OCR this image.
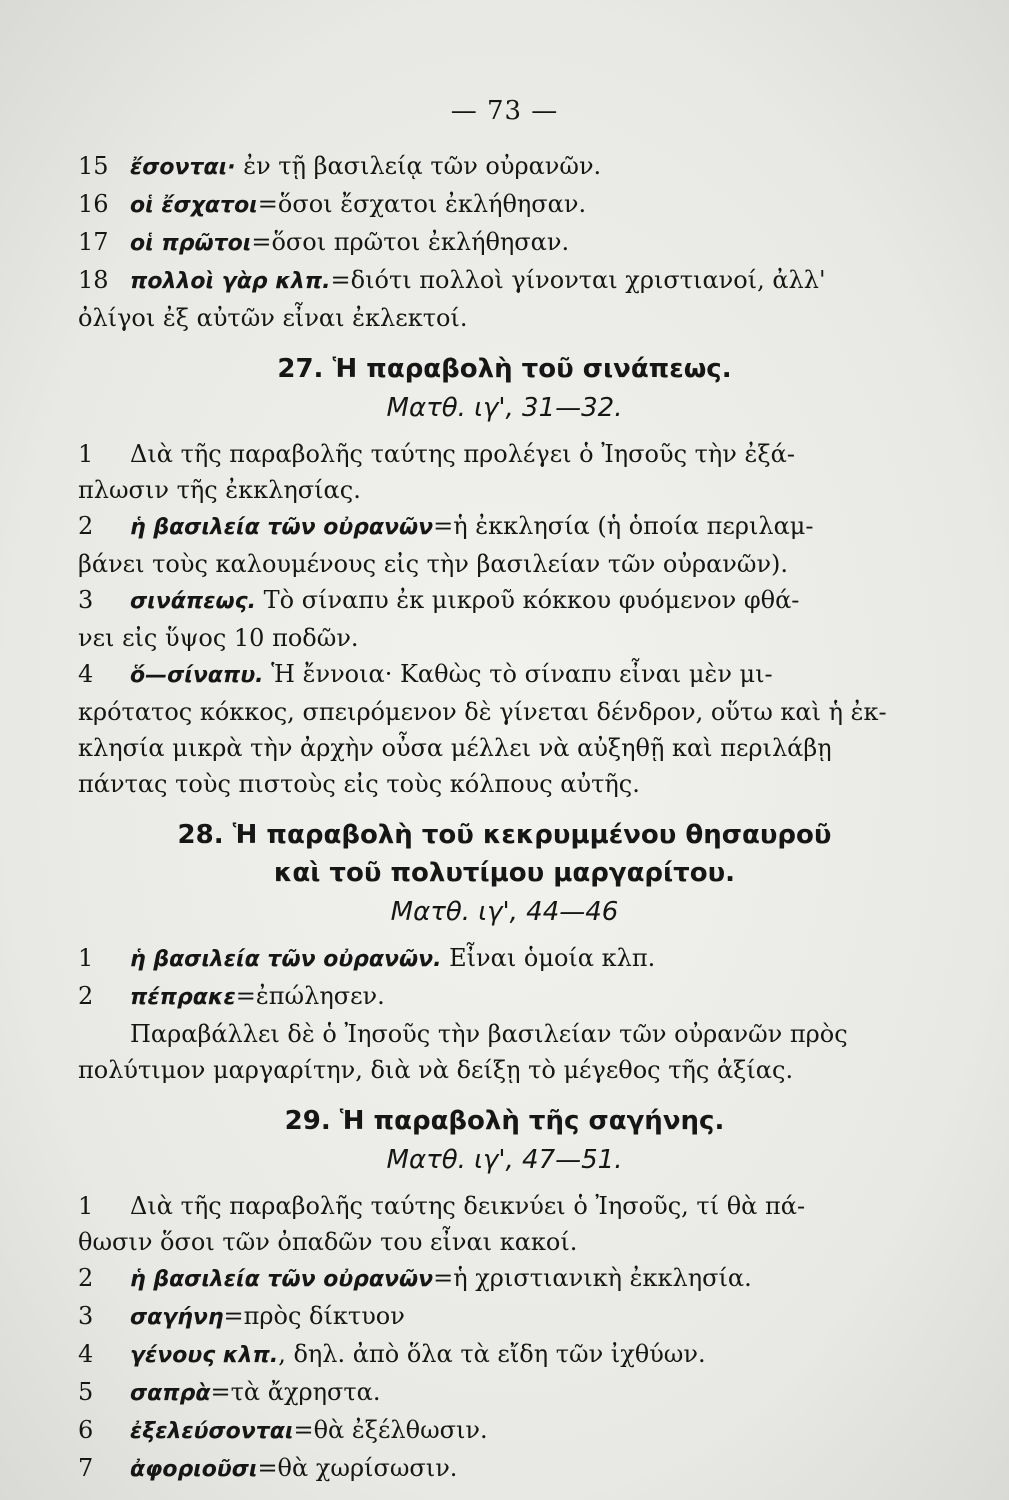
— 73 —
15 ἔσονται· ἐν τῇ βασιλείᾳ τῶν οὐρανῶν.
16 οἱ ἔσχατοι=ὅσοι ἔσχατοι ἐκλήθησαν.
17 οἱ πρῶτοι=ὅσοι πρῶτοι ἐκλήθησαν.
18 πολλοὶ γὰρ κλπ.=διότι πολλοὶ γίνονται χριστιανοί, ἀλλ'
ὀλίγοι ἐξ αὐτῶν εἶναι ἐκλεκτοί.
27. Ἡ παραβολὴ τοῦ σινάπεως.
Ματθ. ιγ', 31—32.
1 Διὰ τῆς παραβολῆς ταύτης προλέγει ὁ Ἰησοῦς τὴν ἐξά-
πλωσιν τῆς ἐκκλησίας.
2 ἡ βασιλεία τῶν οὐρανῶν=ἡ ἐκκλησία (ἡ ὁποία περιλαμ-
βάνει τοὺς καλουμένους εἰς τὴν βασιλείαν τῶν οὐρανῶν).
3 σινάπεως. Τὸ σίναπυ ἐκ μικροῦ κόκκου φυόμενον φθά-
νει εἰς ὕψος 10 ποδῶν.
4 ὅ—σίναπυ. Ἡ ἔννοια· Καθὼς τὸ σίναπυ εἶναι μὲν μι-
κρότατος κόκκος, σπειρόμενον δὲ γίνεται δένδρον, οὕτω καὶ ἡ ἐκ-
κλησία μικρὰ τὴν ἀρχὴν οὖσα μέλλει νὰ αὐξηθῇ καὶ περιλάβῃ
πάντας τοὺς πιστοὺς εἰς τοὺς κόλπους αὐτῆς.
28. Ἡ παραβολὴ τοῦ κεκρυμμένου θησαυροῦ
καὶ τοῦ πολυτίμου μαργαρίτου.
Ματθ. ιγ', 44—46
1 ἡ βασιλεία τῶν οὐρανῶν. Εἶναι ὁμοία κλπ.
2 πέπρακε=ἐπώλησεν.
Παραβάλλει δὲ ὁ Ἰησοῦς τὴν βασιλείαν τῶν οὐρανῶν πρὸς
πολύτιμον μαργαρίτην, διὰ νὰ δείξῃ τὸ μέγεθος τῆς ἀξίας.
29. Ἡ παραβολὴ τῆς σαγήνης.
Ματθ. ιγ', 47—51.
1 Διὰ τῆς παραβολῆς ταύτης δεικνύει ὁ Ἰησοῦς, τί θὰ πά-
θωσιν ὅσοι τῶν ὀπαδῶν του εἶναι κακοί.
2 ἡ βασιλεία τῶν οὐρανῶν=ἡ χριστιανικὴ ἐκκλησία.
3 σαγήνη=πρὸς δίκτυον
4 γένους κλπ., δηλ. ἀπὸ ὅλα τὰ εἴδη τῶν ἰχθύων.
5 σαπρὰ=τὰ ἄχρηστα.
6 ἐξελεύσονται=θὰ ἐξέλθωσιν.
7 ἀφοριοῦσι=θὰ χωρίσωσιν.
